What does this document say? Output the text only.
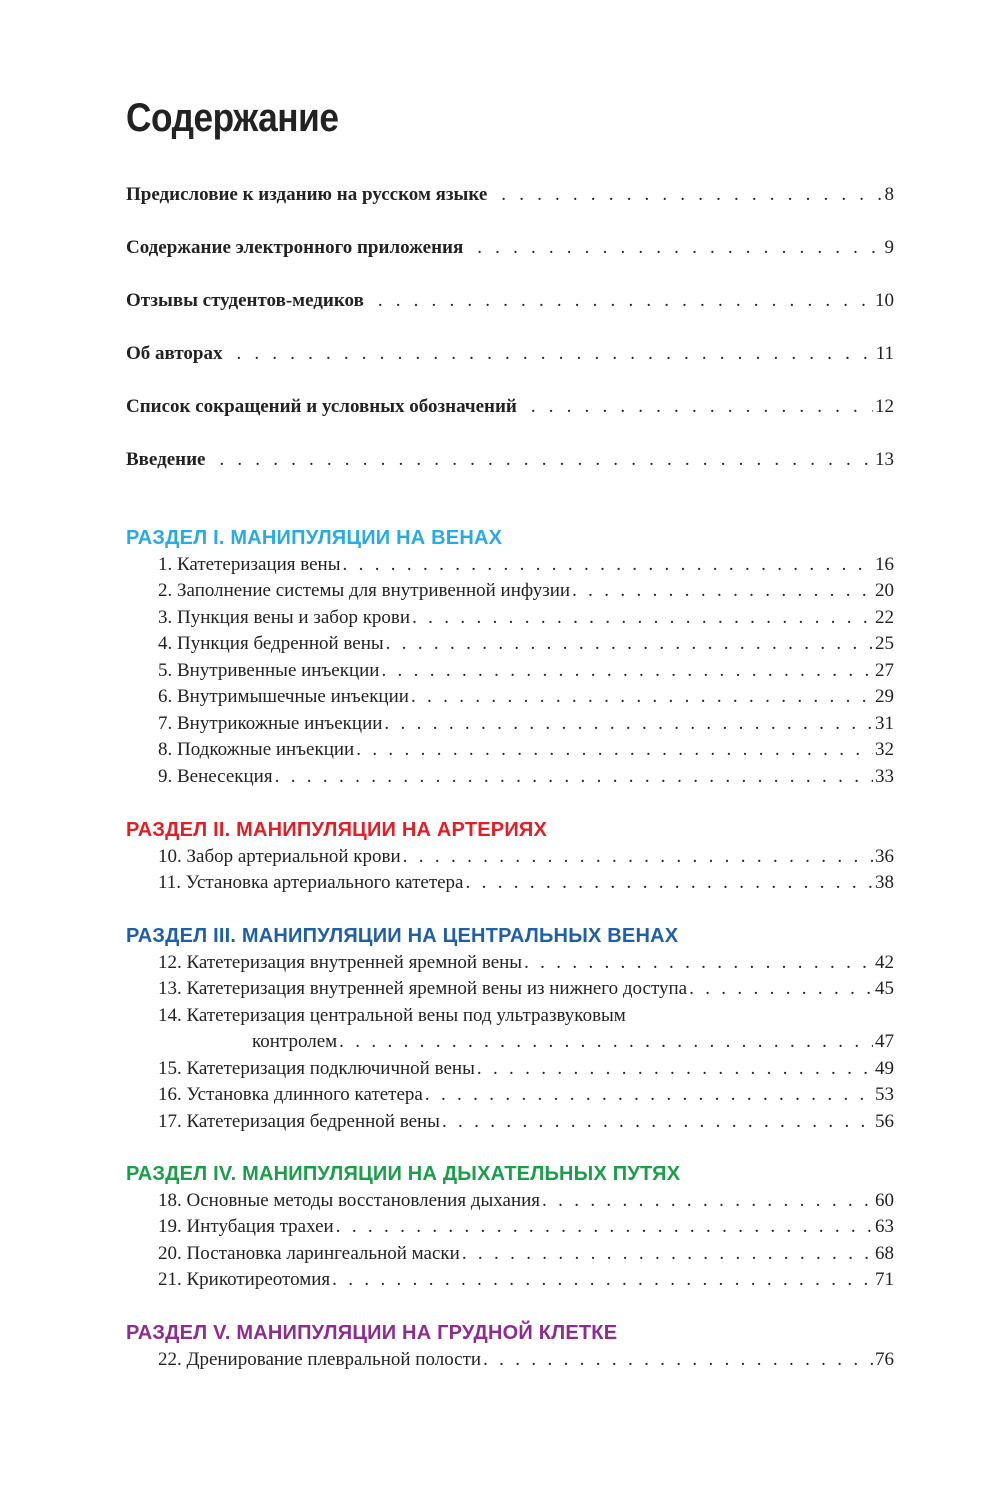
Содержание
Предисловие к изданию на русском языке . . .	8
Содержание электронного приложения . . .	9
Отзывы студентов-медиков . . .	10
Об авторах . . .	11
Список сокращений и условных обозначений . . .	12
Введение . . .	13
РАЗДЕЛ I. МАНИПУЛЯЦИИ НА ВЕНАХ
1. Катетеризация вены . . .	16
2. Заполнение системы для внутривенной инфузии . . .	20
3. Пункция вены и забор крови . . .	22
4. Пункция бедренной вены . . .	25
5. Внутривенные инъекции . . .	27
6. Внутримышечные инъекции . . .	29
7. Внутрикожные инъекции . . .	31
8. Подкожные инъекции . . .	32
9. Венесекция . . .	33
РАЗДЕЛ II. МАНИПУЛЯЦИИ НА АРТЕРИЯХ
10. Забор артериальной крови . . .	36
11. Установка артериального катетера . . .	38
РАЗДЕЛ III. МАНИПУЛЯЦИИ НА ЦЕНТРАЛЬНЫХ ВЕНАХ
12. Катетеризация внутренней яремной вены . . .	42
13. Катетеризация внутренней яремной вены из нижнего доступа . . .	45
14. Катетеризация центральной вены под ультразвуковым
контролем . . .	47
15. Катетеризация подключичной вены . . .	49
16. Установка длинного катетера . . .	53
17. Катетеризация бедренной вены . . .	56
РАЗДЕЛ IV. МАНИПУЛЯЦИИ НА ДЫХАТЕЛЬНЫХ ПУТЯХ
18. Основные методы восстановления дыхания . . .	60
19. Интубация трахеи . . .	63
20. Постановка ларингеальной маски . . .	68
21. Крикотиреотомия . . .	71
РАЗДЕЛ V. МАНИПУЛЯЦИИ НА ГРУДНОЙ КЛЕТКЕ
22. Дренирование плевральной полости . . .	76
